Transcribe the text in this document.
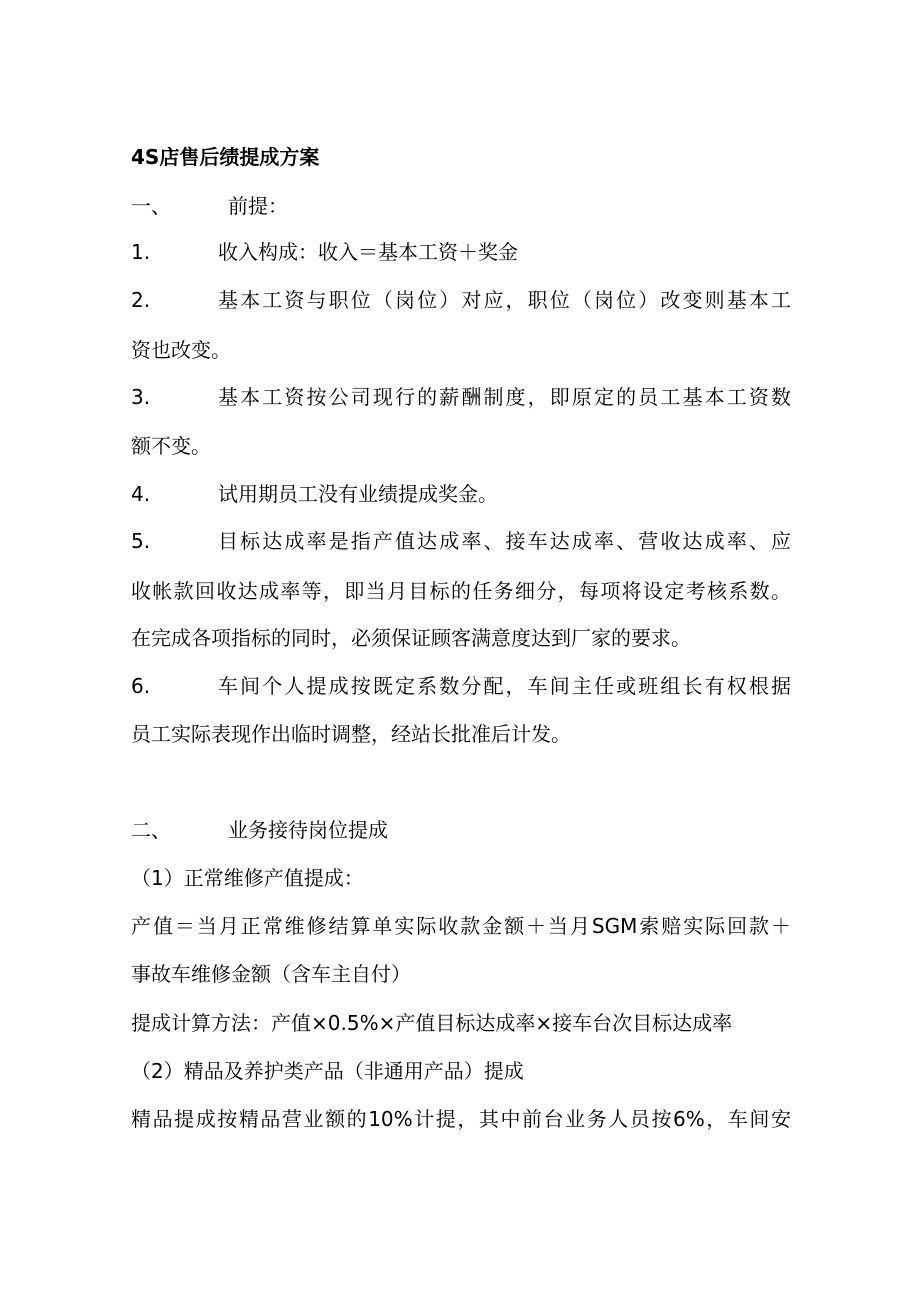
4S店售后绩提成方案
一、	前提：
1.	收入构成：收入＝基本工资＋奖金
2.	基本工资与职位（岗位）对应，职位（岗位）改变则基本工
资也改变。
3.	基本工资按公司现行的薪酬制度，即原定的员工基本工资数
额不变。
4.	试用期员工没有业绩提成奖金。
5.	目标达成率是指产值达成率、接车达成率、营收达成率、应
收帐款回收达成率等，即当月目标的任务细分，每项将设定考核系数。
在完成各项指标的同时，必须保证顾客满意度达到厂家的要求。
6.	车间个人提成按既定系数分配，车间主任或班组长有权根据
员工实际表现作出临时调整，经站长批准后计发。
二、	业务接待岗位提成
（1）正常维修产值提成：
产值＝当月正常维修结算单实际收款金额＋当月SGM索赔实际回款＋
事故车维修金额（含车主自付）
提成计算方法：产值×0.5%×产值目标达成率×接车台次目标达成率
（2）精品及养护类产品（非通用产品）提成
精品提成按精品营业额的10%计提，其中前台业务人员按6%，车间安
